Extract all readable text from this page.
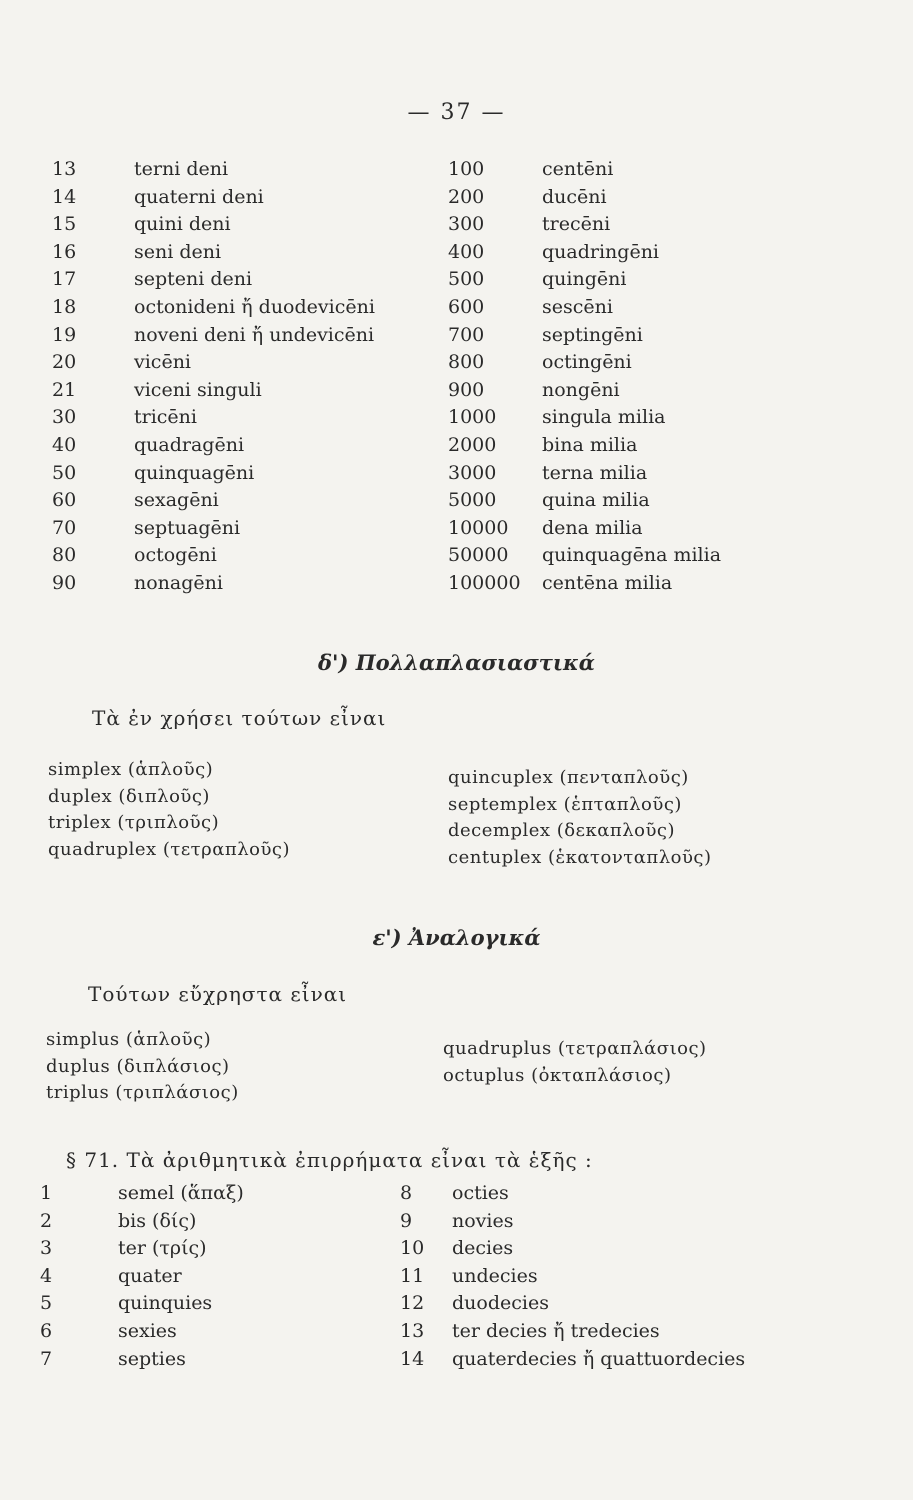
— 37 —
13	terni deni
14	quaterni deni
15	quini deni
16	seni deni
17	septeni deni
18	octonideni ἤ duodevicēni
19	noveni deni ἤ undevicēni
20	vicēni
21	viceni singuli
30	tricēni
40	quadragēni
50	quinquagēni
60	sexagēni
70	septuagēni
80	octogēni
90	nonagēni
100	centēni
200	ducēni
300	trecēni
400	quadringēni
500	quingēni
600	sescēni
700	septingēni
800	octingēni
900	nongēni
1000	singula milia
2000	bina milia
3000	terna milia
5000	quina milia
10000	dena milia
50000	quinquagēna milia
100000	centēna milia
δ') Πολλαπλασιαστικά
Τὰ ἐν χρήσει τούτων εἶναι
simplex (ἁπλοῦς)
duplex (διπλοῦς)
triplex (τριπλοῦς)
quadruplex (τετραπλοῦς)
quincuplex (πενταπλοῦς)
septemplex (ἑπταπλοῦς)
decemplex (δεκαπλοῦς)
centuplex (ἑκατονταπλοῦς)
ε') Ἀναλογικά
Τούτων εὔχρηστα εἶναι
simplus (ἁπλοῦς)
duplus (διπλάσιος)
triplus (τριπλάσιος)
quadruplus (τετραπλάσιος)
octuplus (ὀκταπλάσιος)
§ 71. Τὰ ἀριθμητικὰ ἐπιρρήματα εἶναι τὰ ἑξῆς :
1	semel (ἅπαξ)
2	bis (δίς)
3	ter (τρίς)
4	quater
5	quinquies
6	sexies
7	septies
8	octies
9	novies
10	decies
11	undecies
12	duodecies
13	ter decies ἤ tredecies
14	quaterdecies ἤ quattuordecies
